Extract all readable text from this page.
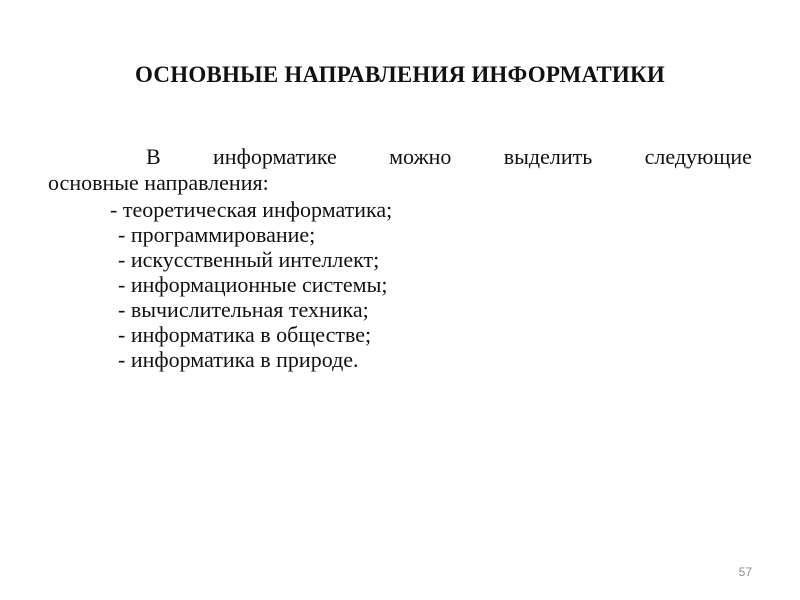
ОСНОВНЫЕ НАПРАВЛЕНИЯ ИНФОРМАТИКИ
В информатике можно выделить следующие
основные направления:
- теоретическая информатика;
- программирование;
- искусственный интеллект;
- информационные системы;
- вычислительная техника;
- информатика в обществе;
- информатика в природе.
57
